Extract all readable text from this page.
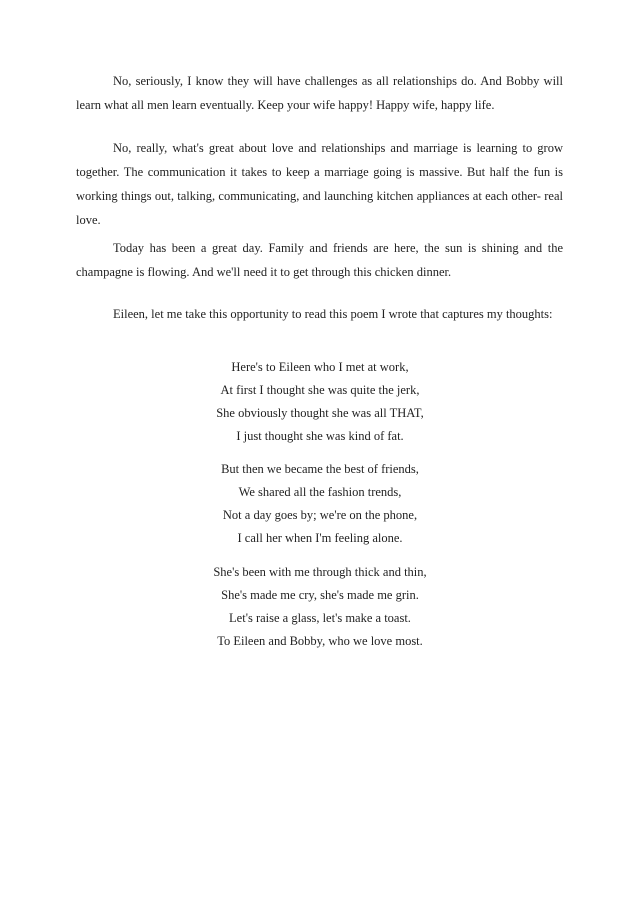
No, seriously, I know they will have challenges as all relationships do. And Bobby will learn what all men learn eventually. Keep your wife happy! Happy wife, happy life.

No, really, what's great about love and relationships and marriage is learning to grow together. The communication it takes to keep a marriage going is massive. But half the fun is working things out, talking, communicating, and launching kitchen appliances at each other- real love.

Today has been a great day. Family and friends are here, the sun is shining and the champagne is flowing. And we'll need it to get through this chicken dinner.

Eileen, let me take this opportunity to read this poem I wrote that captures my thoughts:

Here's to Eileen who I met at work,
At first I thought she was quite the jerk,
She obviously thought she was all THAT,
I just thought she was kind of fat.
But then we became the best of friends,
We shared all the fashion trends,
Not a day goes by; we're on the phone,
I call her when I'm feeling alone.
She's been with me through thick and thin,
She's made me cry, she's made me grin.
Let's raise a glass, let's make a toast.
To Eileen and Bobby, who we love most.
